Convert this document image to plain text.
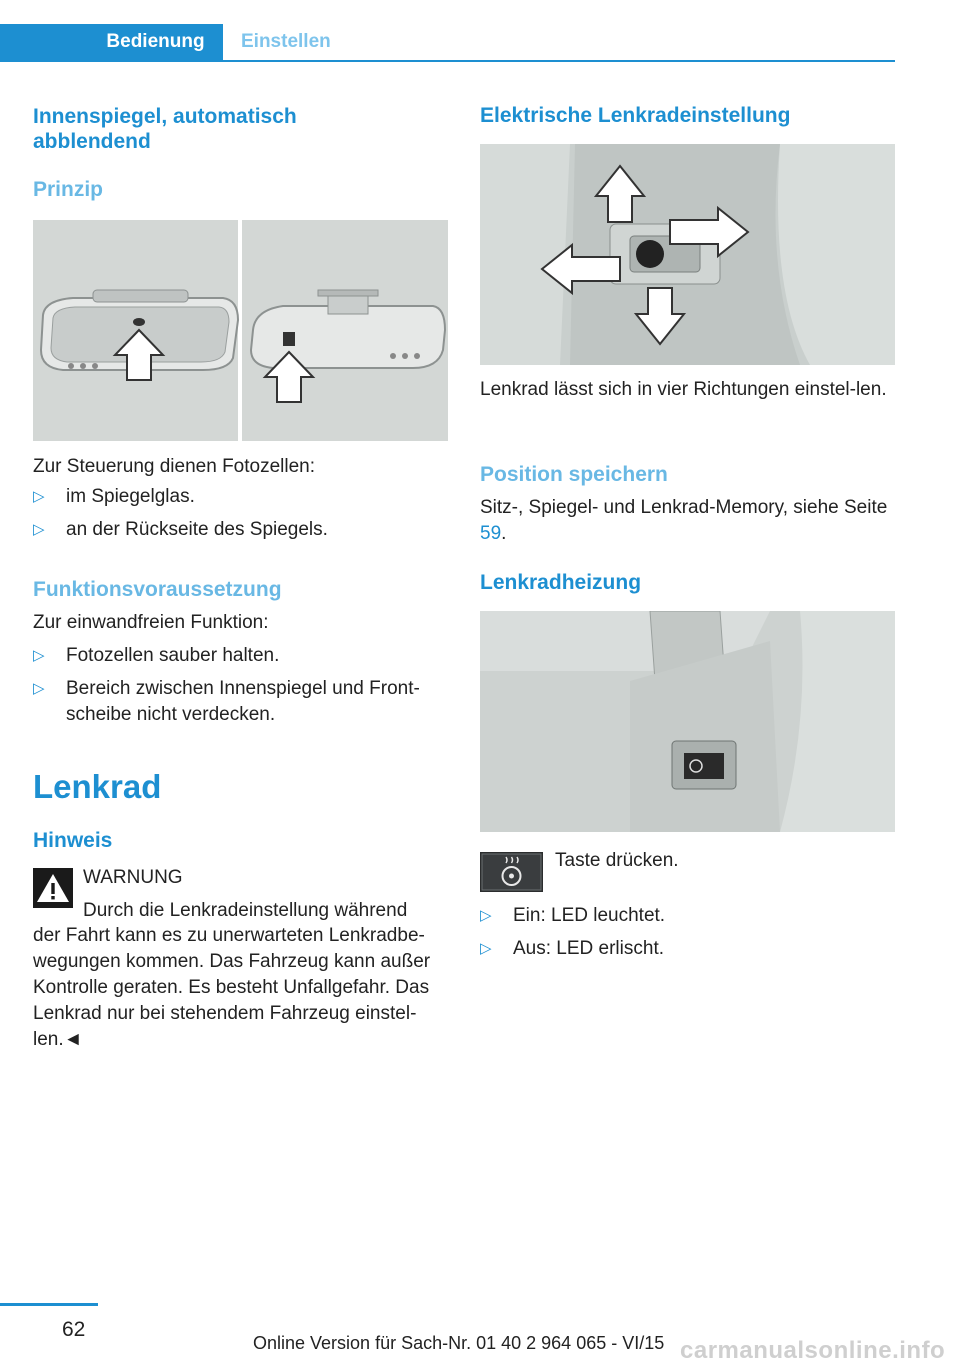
Bedienung	Einstellen
Innenspiegel, automatisch abblendend
Prinzip
Zur Steuerung dienen Fotozellen:
▷ im Spiegelglas.
▷ an der Rückseite des Spiegels.
Funktionsvoraussetzung
Zur einwandfreien Funktion:
▷ Fotozellen sauber halten.
▷ Bereich zwischen Innenspiegel und Front-scheibe nicht verdecken.
Lenkrad
Hinweis
WARNUNG
Durch die Lenkradeinstellung während
der Fahrt kann es zu unerwarteten Lenkradbe-wegungen kommen. Das Fahrzeug kann außer Kontrolle geraten. Es besteht Unfallgefahr. Das Lenkrad nur bei stehendem Fahrzeug einstel-len.◄
Elektrische Lenkradeinstellung
Lenkrad lässt sich in vier Richtungen einstel-len.
Position speichern
Sitz-, Spiegel- und Lenkrad-Memory, siehe Seite 59.
Lenkradheizung
Taste drücken.
▷ Ein: LED leuchtet.
▷ Aus: LED erlischt.
62
Online Version für Sach-Nr. 01 40 2 964 065 - VI/15 carmanualsonline.info
